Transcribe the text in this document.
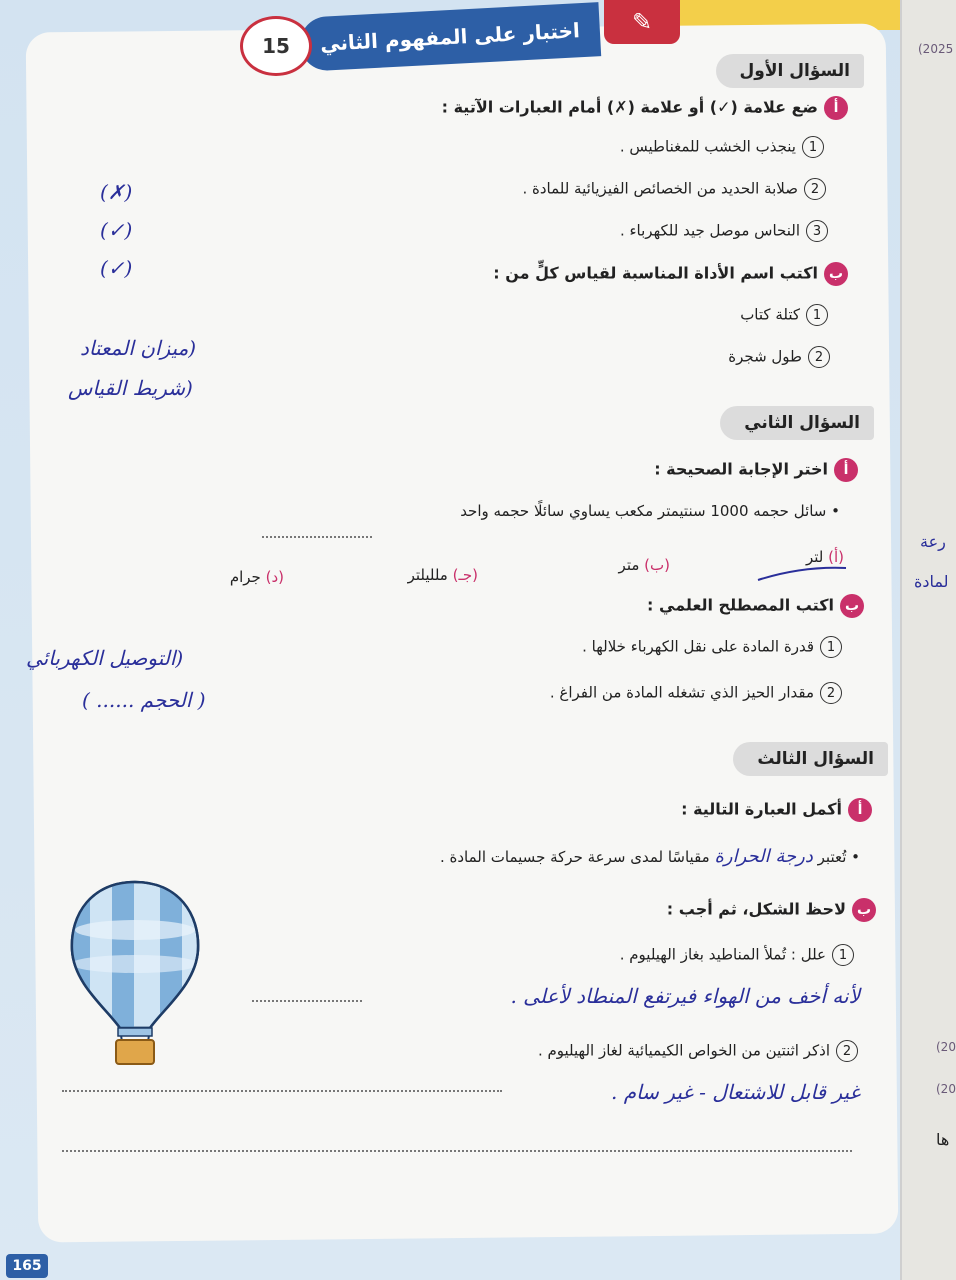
(2025
(20
(20
ها
رعة
لمادة
اختبار على المفهوم الثاني	✎
15
السؤال الأول
أضع علامة (✓) أو علامة (✗) أمام العبارات الآتية :
1ينجذب الخشب للمغناطيس .
2صلابة الحديد من الخصائص الفيزيائية للمادة .
3النحاس موصل جيد للكهرباء .
(✗)
(✓)
(✓)	باكتب اسم الأداة المناسبة لقياس كلٍّ من :
1كتلة كتاب
2طول شجرة
(ميزان المعتاد
(شريط القياس
السؤال الثاني
أاختر الإجابة الصحيحة :
• سائل حجمه 1000 سنتيمتر مكعب يساوي سائلًا حجمه واحد
(أ) لتر
(ب) متر
(جـ) ملليلتر
(د) جرام
باكتب المصطلح العلمي :
1قدرة المادة على نقل الكهرباء خلالها .
2مقدار الحيز الذي تشغله المادة من الفراغ .
(التوصيل الكهربائي
( الحجم ...... )
السؤال الثالث
أأكمل العبارة التالية :
• تُعتبر درجة الحرارة مقياسًا لمدى سرعة حركة جسيمات المادة .
بلاحظ الشكل، ثم أجب :
1علل : تُملأ المناطيد بغاز الهيليوم .
لأنه أخف من الهواء فيرتفع المنطاد لأعلى .
2اذكر اثنتين من الخواص الكيميائية لغاز الهيليوم .
غير قابل للاشتعال - غير سام .
165
